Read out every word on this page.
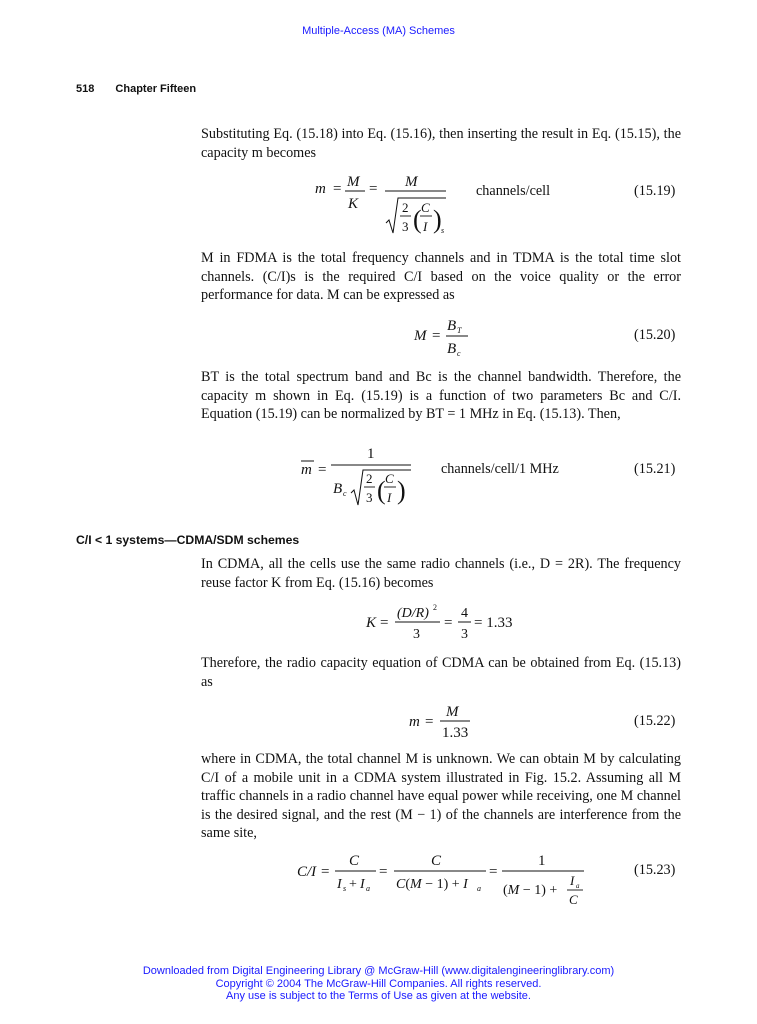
Multiple-Access (MA) Schemes
518 Chapter Fifteen
Substituting Eq. (15.18) into Eq. (15.16), then inserting the result in Eq. (15.15), the capacity m becomes
m = M
K
= M
2
3 ( C
I ) s
channels/cell	(15.19)
M in FDMA is the total frequency channels and in TDMA is the total time slot channels. (C/I)s is the required C/I based on the voice quality or the error performance for data. M can be expressed as
M =
B T
B c
(15.20)
BT is the total spectrum band and Bc is the channel bandwidth. Therefore, the capacity m shown in Eq. (15.19) is a function of two parameters Bc and C/I. Equation (15.19) can be normalized by BT = 1 MHz in Eq. (15.13). Then,
m =
1
B c
2
3 ( C
I )
channels/cell/1 MHz	(15.21)
C/I < 1 systems—CDMA/SDM schemes
In CDMA, all the cells use the same radio channels (i.e., D = 2R). The frequency reuse factor K from Eq. (15.16) becomes
K =
(D/R) 2
3
=
4
3
= 1.33
Therefore, the radio capacity equation of CDMA can be obtained from Eq. (15.13) as
m =
M
1.33
(15.22)
where in CDMA, the total channel M is unknown. We can obtain M by calculating C/I of a mobile unit in a CDMA system illustrated in Fig. 15.2. Assuming all M traffic channels in a radio channel have equal power while receiving, one M channel is the desired signal, and the rest (M − 1) of the channels are interference from the same site,
C/I =
C
I s + I a
=
C
C(M − 1) + I a
=
1
(M − 1) +
I a
C
(15.23)
Downloaded from Digital Engineering Library @ McGraw-Hill (www.digitalengineeringlibrary.com)
Copyright © 2004 The McGraw-Hill Companies. All rights reserved.
Any use is subject to the Terms of Use as given at the website.
